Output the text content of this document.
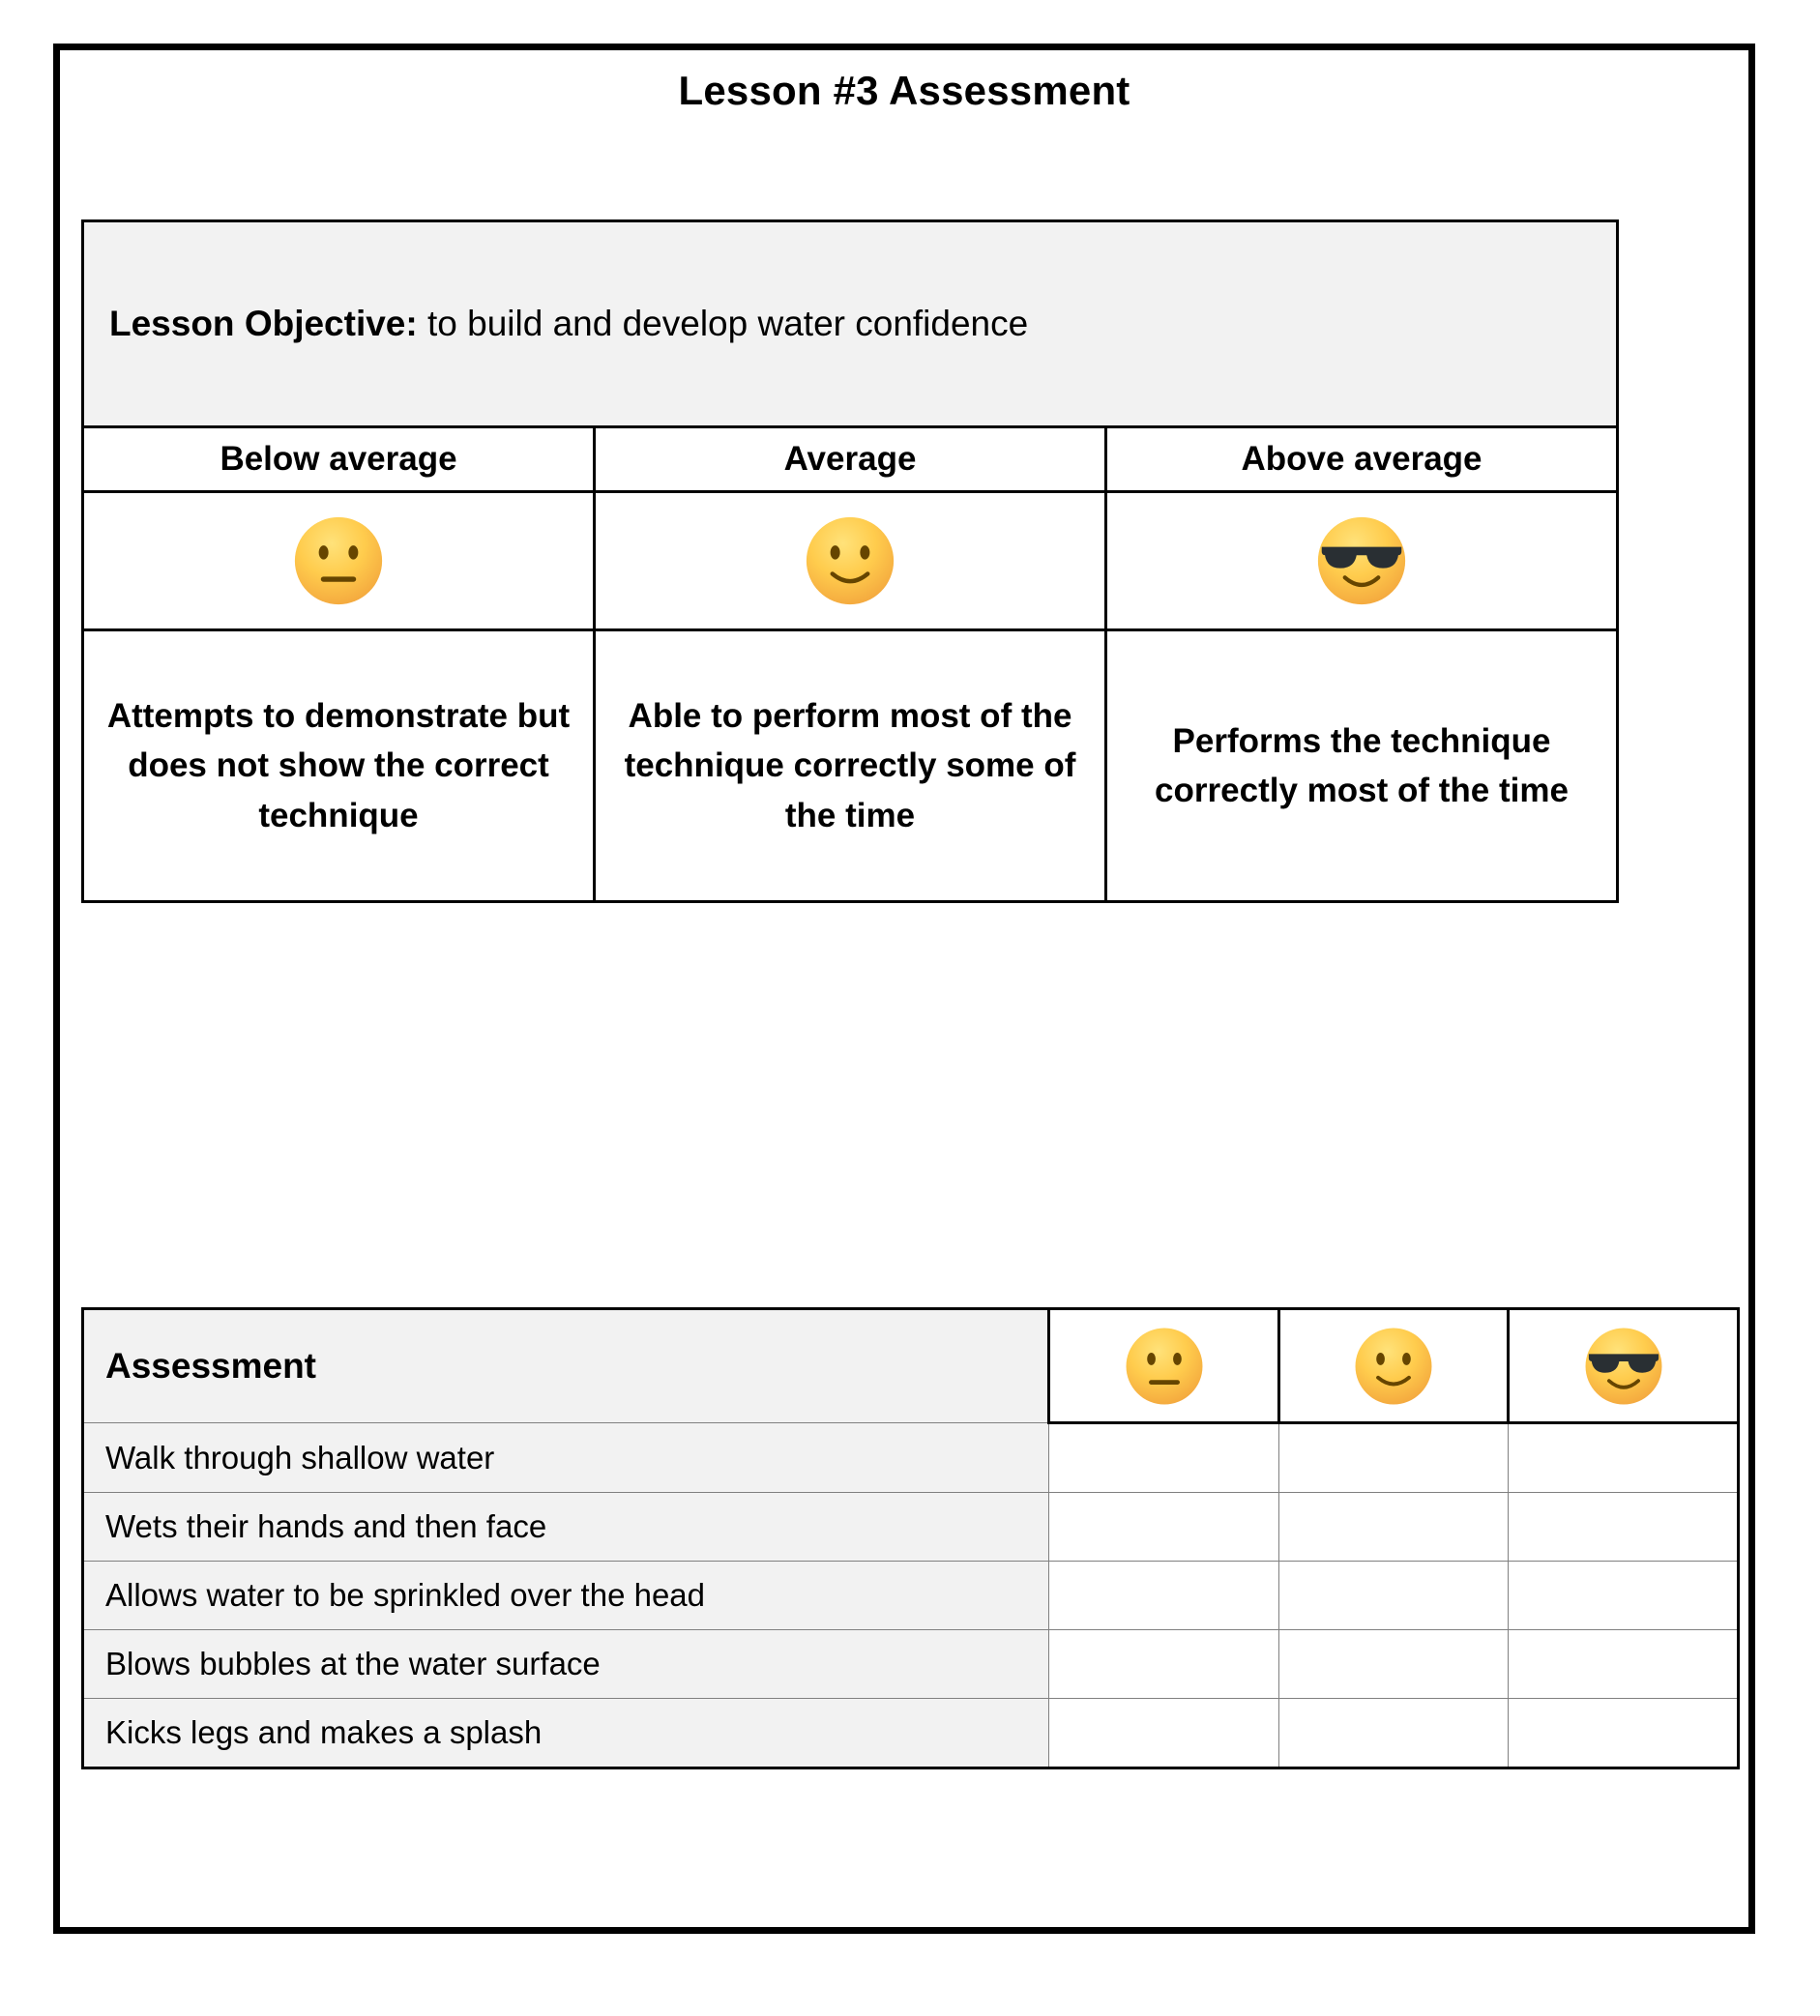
Lesson #3 Assessment
Lesson Objective: to build and develop water confidence		
Below average	Average	Above average

Attempts to demonstrate but does not show the correct technique	Able to perform most of the technique correctly some of the time	Performs the technique correctly most of the time
Assessment	

Walk through shallow water			
Wets their hands and then face			
Allows water to be sprinkled over the head			
Blows bubbles at the water surface			
Kicks legs and makes a splash			
